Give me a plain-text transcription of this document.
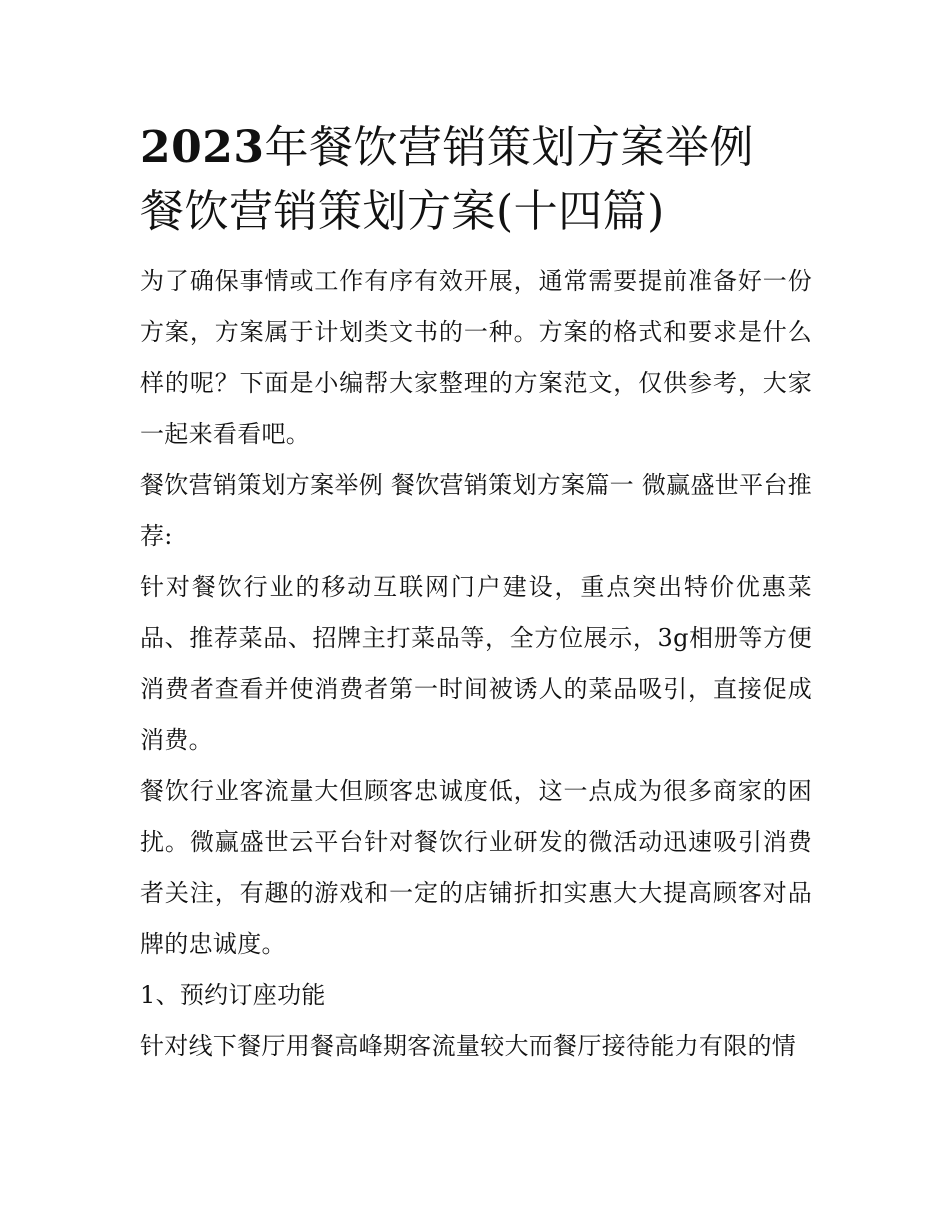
2023年餐饮营销策划方案举例
餐饮营销策划方案(十四篇)

为了确保事情或工作有序有效开展，通常需要提前准备好一份方案，方案属于计划类文书的一种。方案的格式和要求是什么样的呢？下面是小编帮大家整理的方案范文，仅供参考，大家一起来看看吧。

餐饮营销策划方案举例 餐饮营销策划方案篇一 微赢盛世平台推荐:

针对餐饮行业的移动互联网门户建设，重点突出特价优惠菜品、推荐菜品、招牌主打菜品等，全方位展示，3g相册等方便消费者查看并使消费者第一时间被诱人的菜品吸引，直接促成消费。

餐饮行业客流量大但顾客忠诚度低，这一点成为很多商家的困扰。微赢盛世云平台针对餐饮行业研发的微活动迅速吸引消费者关注，有趣的游戏和一定的店铺折扣实惠大大提高顾客对品牌的忠诚度。

1、预约订座功能

针对线下餐厅用餐高峰期客流量较大而餐厅接待能力有限的情
